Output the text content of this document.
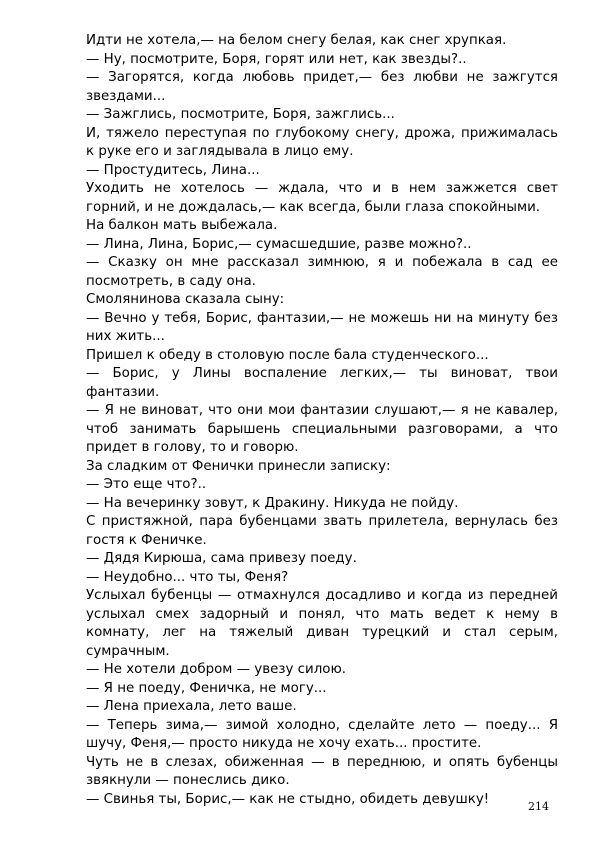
Идти не хотела,— на белом снегу белая, как снег хрупкая.

— Ну, посмотрите, Боря, горят или нет, как звезды?..

— Загорятся, когда любовь придет,— без любви не зажгутся звездами...

— Зажглись, посмотрите, Боря, зажглись...

И, тяжело переступая по глубокому снегу, дрожа, прижималась к руке его и заглядывала в лицо ему.

— Простудитесь, Лина...

Уходить не хотелось — ждала, что и в нем зажжется свет горний, и не дождалась,— как всегда, были глаза спокойными.

На балкон мать выбежала.

— Лина, Лина, Борис,— сумасшедшие, разве можно?..

— Сказку он мне рассказал зимнюю, я и побежала в сад ее посмотреть, в саду она.

Смолянинова сказала сыну:

— Вечно у тебя, Борис, фантазии,— не можешь ни на минуту без них жить...

Пришел к обеду в столовую после бала студенческого...

— Борис, у Лины воспаление легких,— ты виноват, твои фантазии.

— Я не виноват, что они мои фантазии слушают,— я не кавалер, чтоб занимать барышень специальными разговорами, а что придет в голову, то и говорю.

За сладким от Фенички принесли записку:

— Это еще что?..

— На вечеринку зовут, к Дракину. Никуда не пойду.

С пристяжной, пара бубенцами звать прилетела, вернулась без гостя к Феничке.

— Дядя Кирюша, сама привезу поеду.

— Неудобно... что ты, Феня?

Услыхал бубенцы — отмахнулся досадливо и когда из передней услыхал смех задорный и понял, что мать ведет к нему в комнату, лег на тяжелый диван турецкий и стал серым, сумрачным.

— Не хотели добром — увезу силою.

— Я не поеду, Феничка, не могу...

— Лена приехала, лето ваше.

— Теперь зима,— зимой холодно, сделайте лето — поеду... Я шучу, Феня,— просто никуда не хочу ехать... простите.

Чуть не в слезах, обиженная — в переднюю, и опять бубенцы звякнули — понеслись дико.

— Свинья ты, Борис,— как не стыдно, обидеть девушку!	214
